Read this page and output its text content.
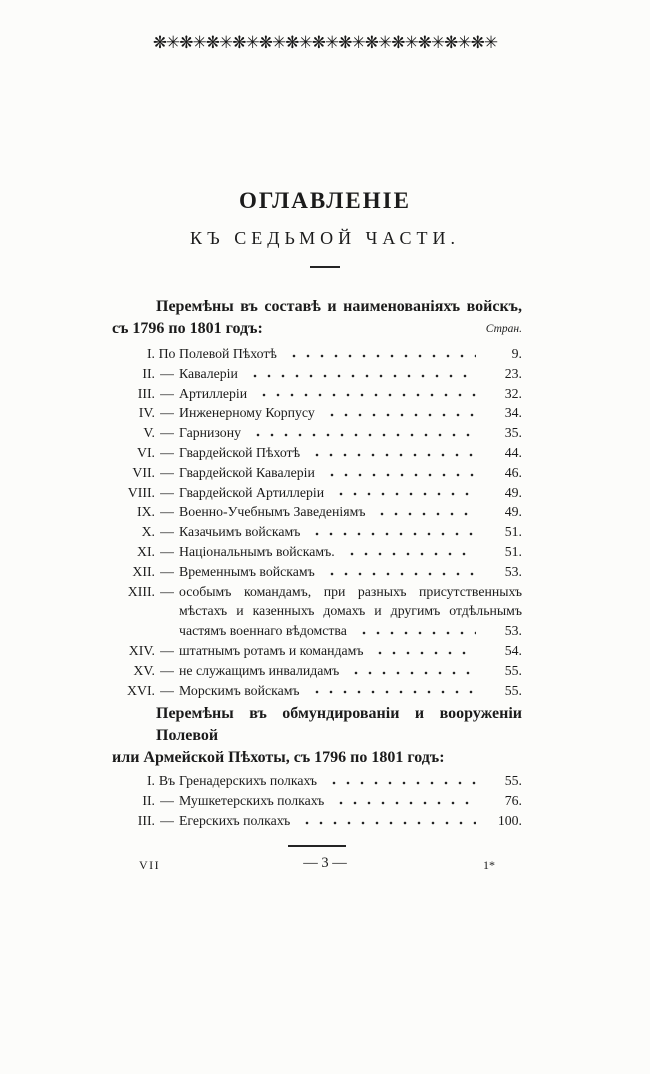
❋✳❋✳❋✳❋✳❋✳❋✳❋✳❋✳❋✳❋✳❋✳❋✳❋✳
ОГЛАВЛЕНІЕ
КЪ СЕДЬМОЙ ЧАСТИ.
Стран.
Перемѣны въ составѣ и наименованіяхъ войскъ,
съ 1796 по 1801 годъ:
I. По Полевой Пѣхотѣ	9.
II. — Кавалеріи	23.
III. — Артиллеріи	32.
IV. — Инженерному Корпусу	34.
V. — Гарнизону	35.
VI. — Гвардейской Пѣхотѣ	44.
VII. — Гвардейской Кавалеріи	46.
VIII. — Гвардейской Артиллеріи	49.
IX. — Военно-Учебнымъ Заведеніямъ	49.
X. — Казачьимъ войскамъ	51.
XI. — Національнымъ войскамъ.	51.
XII. — Временнымъ войскамъ	53.
XIII. — особымъ командамъ, при разныхъ присутственныхъ
мѣстахъ и казенныхъ домахъ и другимъ отдѣльнымъ
частямъ военнаго вѣдомства	53.
XIV. — штатнымъ ротамъ и командамъ	54.
XV. — не служащимъ инвалидамъ	55.
XVI. — Морскимъ войскамъ	55.
Перемѣны въ обмундированіи и вооруженіи Полевой
или Армейской Пѣхоты, съ 1796 по 1801 годъ:
I. Въ Гренадерскихъ полкахъ	55.
II. — Мушкетерскихъ полкахъ	76.
III. — Егерскихъ полкахъ	100.
VII	— 3 —	1*
